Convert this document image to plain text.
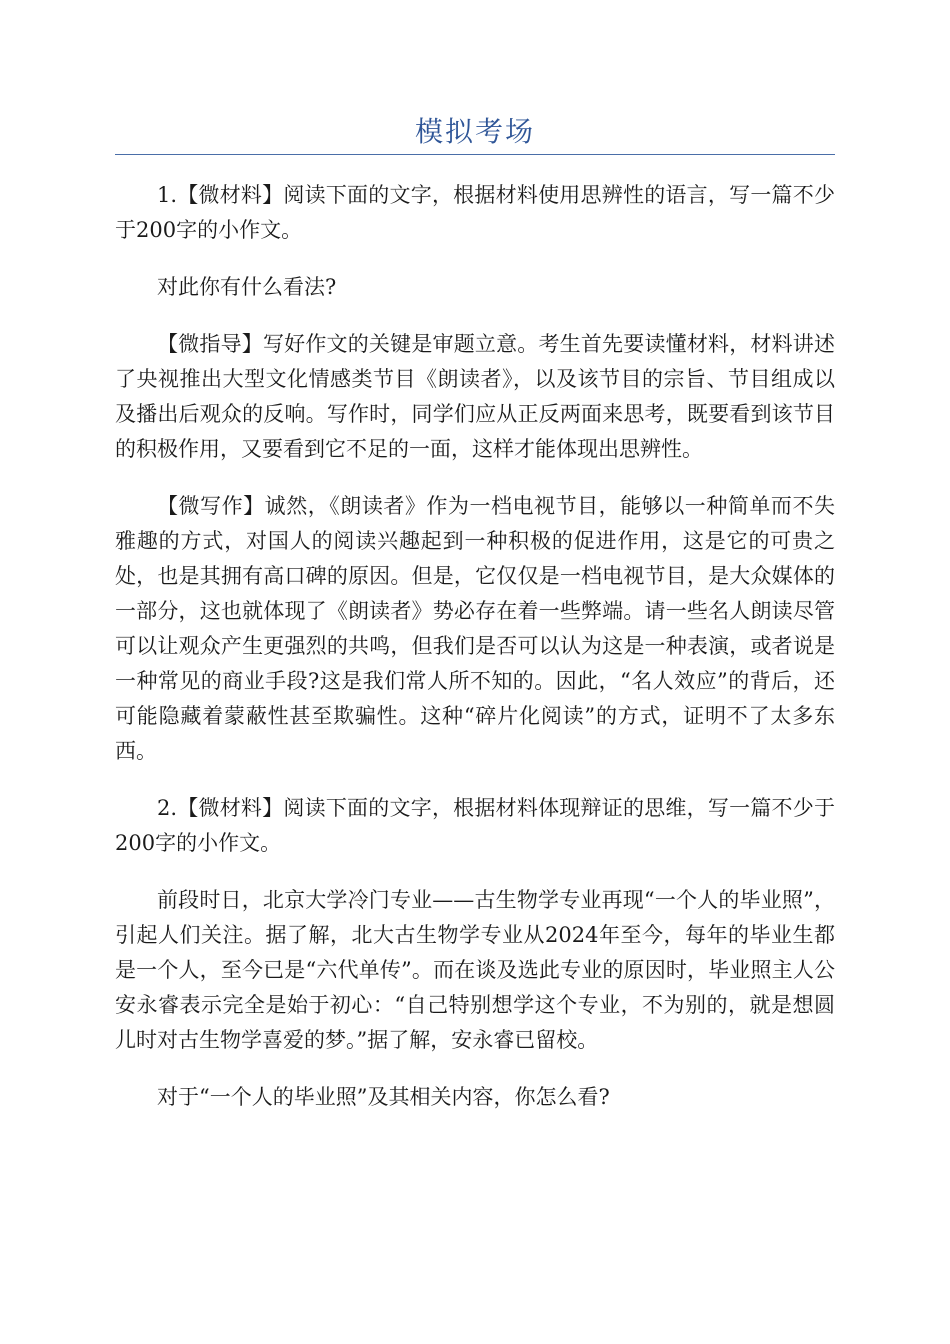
模拟考场

1.【微材料】阅读下面的文字，根据材料使用思辨性的语言，写一篇不少于200字的小作文。

对此你有什么看法?

【微指导】写好作文的关键是审题立意。考生首先要读懂材料，材料讲述了央视推出大型文化情感类节目《朗读者》，以及该节目的宗旨、节目组成以及播出后观众的反响。写作时，同学们应从正反两面来思考，既要看到该节目的积极作用，又要看到它不足的一面，这样才能体现出思辨性。

【微写作】诚然，《朗读者》作为一档电视节目，能够以一种简单而不失雅趣的方式，对国人的阅读兴趣起到一种积极的促进作用，这是它的可贵之处，也是其拥有高口碑的原因。但是，它仅仅是一档电视节目，是大众媒体的一部分，这也就体现了《朗读者》势必存在着一些弊端。请一些名人朗读尽管可以让观众产生更强烈的共鸣，但我们是否可以认为这是一种表演，或者说是一种常见的商业手段?这是我们常人所不知的。因此，“名人效应”的背后，还可能隐藏着蒙蔽性甚至欺骗性。这种“碎片化阅读”的方式，证明不了太多东西。

2.【微材料】阅读下面的文字，根据材料体现辩证的思维，写一篇不少于200字的小作文。

前段时日，北京大学冷门专业——古生物学专业再现“一个人的毕业照”，引起人们关注。据了解，北大古生物学专业从2024年至今，每年的毕业生都是一个人，至今已是“六代单传”。而在谈及选此专业的原因时，毕业照主人公安永睿表示完全是始于初心：“自己特别想学这个专业，不为别的，就是想圆儿时对古生物学喜爱的梦。”据了解，安永睿已留校。

对于“一个人的毕业照”及其相关内容，你怎么看?
